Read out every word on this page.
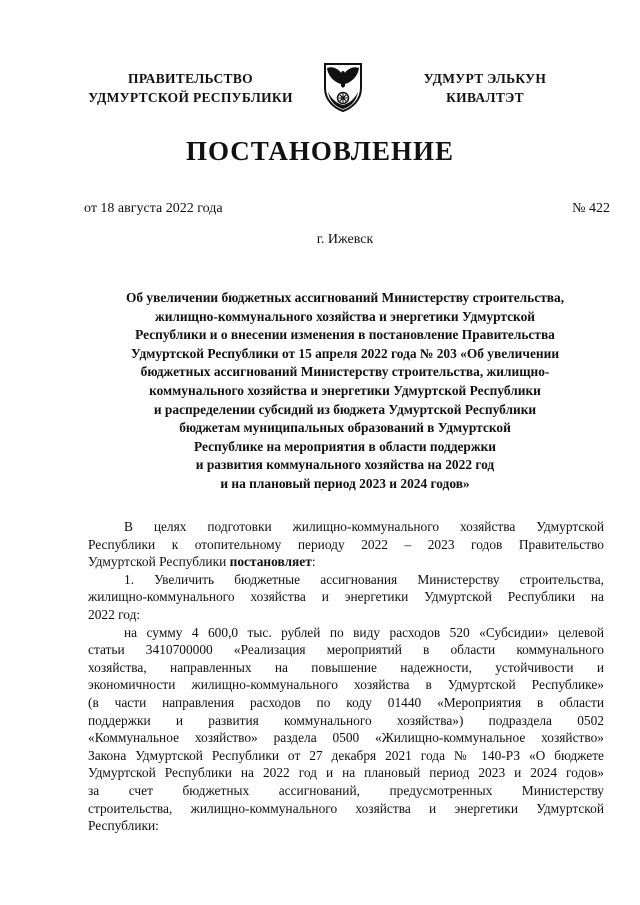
ПРАВИТЕЛЬСТВО
УДМУРТСКОЙ РЕСПУБЛИКИ
УДМУРТ ЭЛЬКУН
КИВАЛТЭТ
ПОСТАНОВЛЕНИЕ
от 18 августа 2022 года	№ 422
г. Ижевск
Об увеличении бюджетных ассигнований Министерству строительства,
жилищно-коммунального хозяйства и энергетики Удмуртской
Республики и о внесении изменения в постановление Правительства
Удмуртской Республики от 15 апреля 2022 года № 203 «Об увеличении
бюджетных ассигнований Министерству строительства, жилищно-
коммунального хозяйства и энергетики Удмуртской Республики
и распределении субсидий из бюджета Удмуртской Республики
бюджетам муниципальных образований в Удмуртской
Республике на мероприятия в области поддержки
и развития коммунального хозяйства на 2022 год
и на плановый период 2023 и 2024 годов»
`
В целях подготовки жилищно-коммунального хозяйства Удмуртской
Республики к отопительному периоду 2022 – 2023 годов Правительство
Удмуртской Республики постановляет:
1. Увеличить бюджетные ассигнования Министерству строительства,
жилищно-коммунального хозяйства и энергетики Удмуртской Республики на
2022 год:
на сумму 4 600,0 тыс. рублей по виду расходов 520 «Субсидии» целевой
статьи 3410700000 «Реализация мероприятий в области коммунального
хозяйства, направленных на повышение надежности, устойчивости и
экономичности жилищно-коммунального хозяйства в Удмуртской Республике»
(в части направления расходов по коду 01440 «Мероприятия в области
поддержки и развития коммунального хозяйства») подраздела 0502
«Коммунальное хозяйство» раздела 0500 «Жилищно-коммунальное хозяйство»
Закона Удмуртской Республики от 27 декабря 2021 года № 140-РЗ «О бюджете
Удмуртской Республики на 2022 год и на плановый период 2023 и 2024 годов»
за счет бюджетных ассигнований, предусмотренных Министерству
строительства, жилищно-коммунального хозяйства и энергетики Удмуртской
Республики:
